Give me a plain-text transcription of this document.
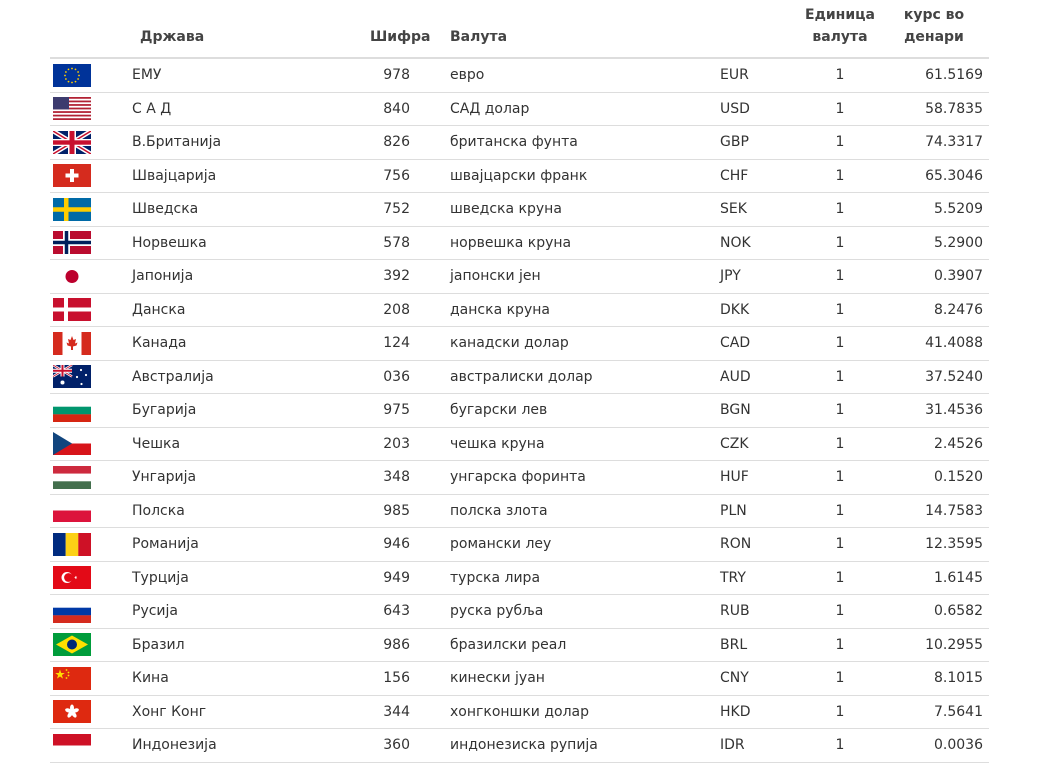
	Држава	Шифра	Валута		Единица
валута	курс во
денари

	ЕМУ	978	евро	EUR	1	61.5169

	С А Д	840	САД долар	USD	1	58.7835

	В.Британија	826	британска фунта	GBP	1	74.3317

	Швајцарија	756	швајцарски франк	CHF	1	65.3046

	Шведска	752	шведска круна	SEK	1	5.5209

	Норвешка	578	норвешка круна	NOK	1	5.2900

	Јапонија	392	јапонски јен	JPY	1	0.3907

	Данска	208	данска круна	DKK	1	8.2476

	Канада	124	канадски долар	CAD	1	41.4088

	Австралија	036	австралиски долар	AUD	1	37.5240

	Бугарија	975	бугарски лев	BGN	1	31.4536

	Чешка	203	чешка круна	CZK	1	2.4526

	Унгарија	348	унгарска форинта	HUF	1	0.1520

	Полска	985	полска злота	PLN	1	14.7583

	Романија	946	романски леу	RON	1	12.3595

	Турција	949	турска лира	TRY	1	1.6145

	Русија	643	руска рубља	RUB	1	0.6582

	Бразил	986	бразилски реал	BRL	1	10.2955

	Кина	156	кинески јуан	CNY	1	8.1015

	Хонг Конг	344	хонгконшки долар	HKD	1	7.5641

	Индонезија	360	индонезиска рупија	IDR	1	0.0036
